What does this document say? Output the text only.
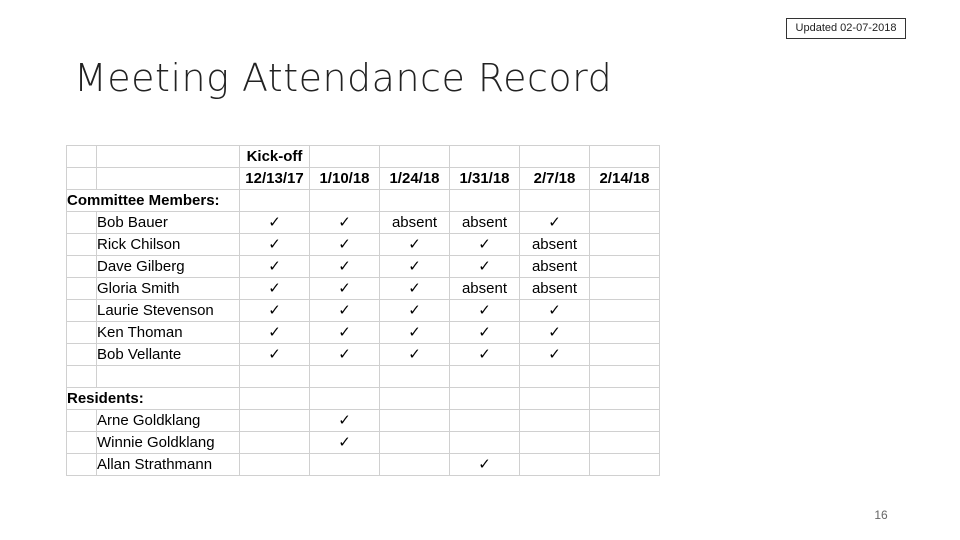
Updated 02-07-2018
Meeting Attendance Record
		Kick-off					
		12/13/17	1/10/18	1/24/18	1/31/18	2/7/18	2/14/18
Committee Members:							
	Bob Bauer	✓	✓	absent	absent	✓	
	Rick Chilson	✓	✓	✓	✓	absent	
	Dave Gilberg	✓	✓	✓	✓	absent	
	Gloria Smith	✓	✓	✓	absent	absent	
	Laurie Stevenson	✓	✓	✓	✓	✓	
	Ken Thoman	✓	✓	✓	✓	✓	
	Bob Vellante	✓	✓	✓	✓	✓	

Residents:							
	Arne Goldklang		✓				
	Winnie Goldklang		✓				
	Allan Strathmann				✓		
16
